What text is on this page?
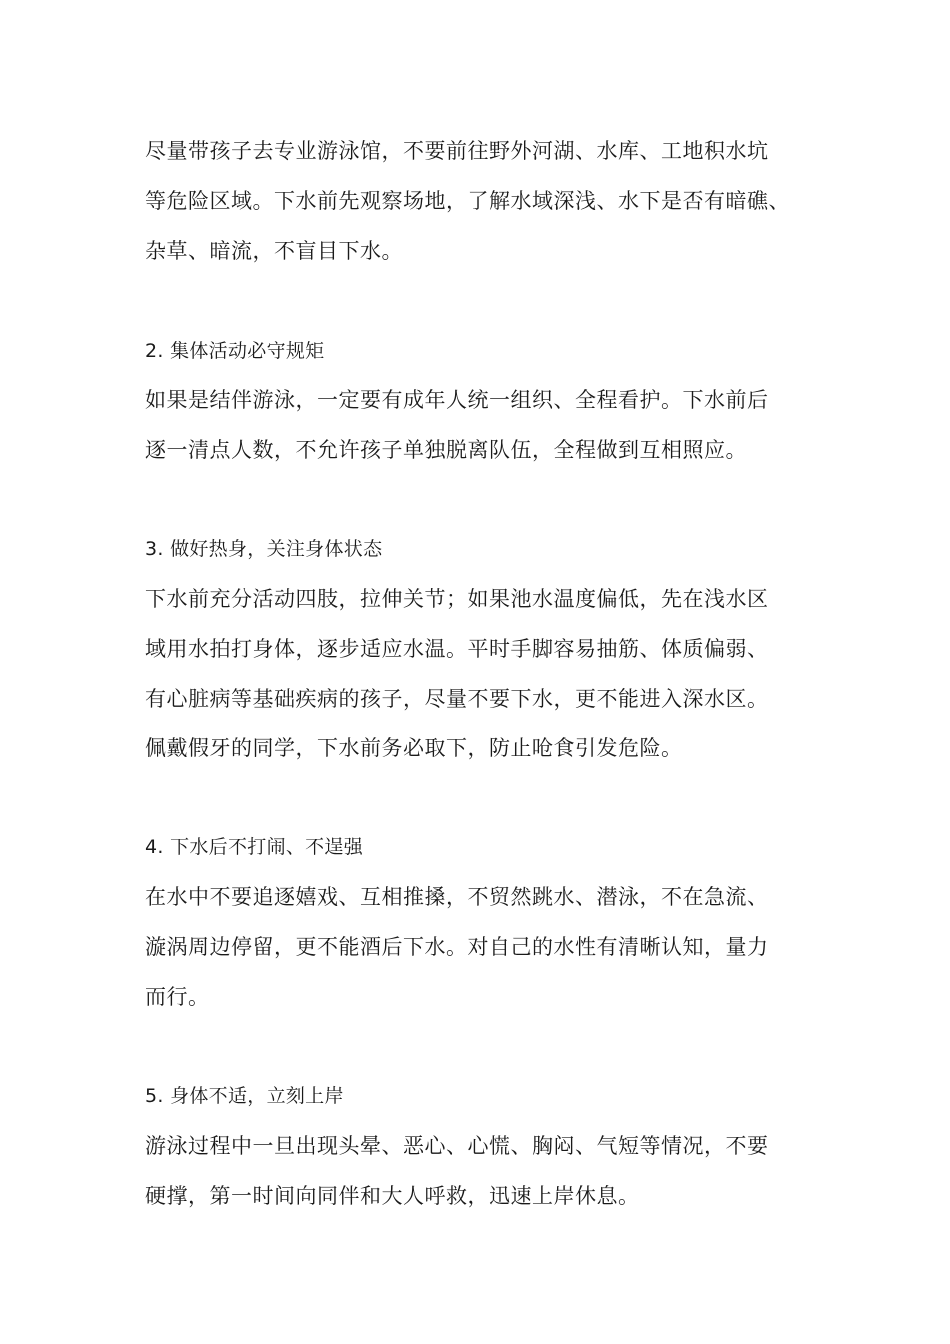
尽量带孩子去专业游泳馆，不要前往野外河湖、水库、工地积水坑
等危险区域。下水前先观察场地，了解水域深浅、水下是否有暗礁、
杂草、暗流，不盲目下水。
2. 集体活动必守规矩
如果是结伴游泳，一定要有成年人统一组织、全程看护。下水前后
逐一清点人数，不允许孩子单独脱离队伍，全程做到互相照应。
3. 做好热身，关注身体状态
下水前充分活动四肢，拉伸关节；如果池水温度偏低，先在浅水区
域用水拍打身体，逐步适应水温。平时手脚容易抽筋、体质偏弱、
有心脏病等基础疾病的孩子，尽量不要下水，更不能进入深水区。
佩戴假牙的同学，下水前务必取下，防止呛食引发危险。
4. 下水后不打闹、不逞强
在水中不要追逐嬉戏、互相推搡，不贸然跳水、潜泳，不在急流、
漩涡周边停留，更不能酒后下水。对自己的水性有清晰认知，量力
而行。
5. 身体不适，立刻上岸
游泳过程中一旦出现头晕、恶心、心慌、胸闷、气短等情况，不要
硬撑，第一时间向同伴和大人呼救，迅速上岸休息。
